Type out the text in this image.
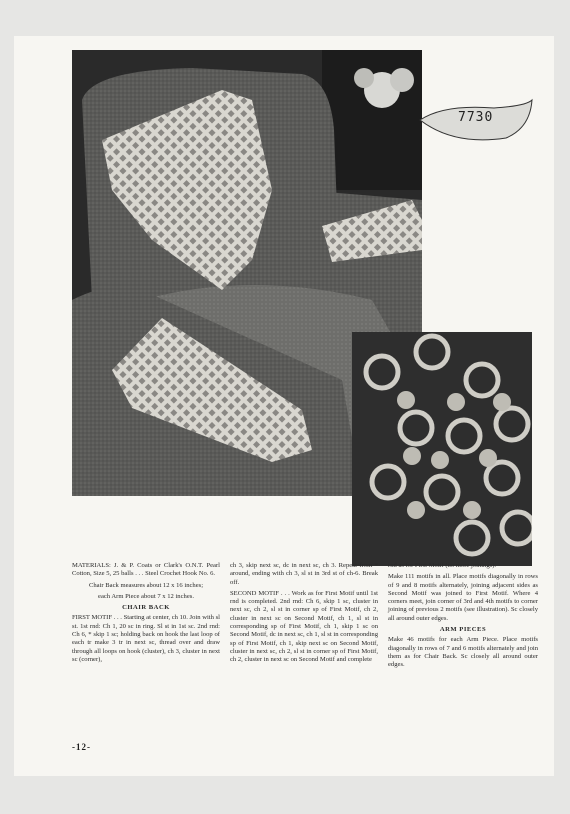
7730

MATERIALS: J. & P. Coats or Clark's O.N.T. Pearl Cotton, Size 5, 25 balls . . . Steel Crochet Hook No. 6.

Chair Back measures about 12 x 16 inches;

each Arm Piece about 7 x 12 inches.

CHAIR BACK

FIRST MOTIF . . . Starting at center, ch 10. Join with sl st. 1st rnd: Ch 1, 20 sc in ring. Sl st in 1st sc. 2nd rnd: Ch 6, * skip 1 sc; holding back on hook the last loop of each tr make 3 tr in next sc, thread over and draw through all loops on hook (cluster), ch 3, cluster in next sc (corner),

ch 3, skip next sc, dc in next sc, ch 3. Repeat from * around, ending with ch 3, sl st in 3rd st of ch-6. Break off.

SECOND MOTIF . . . Work as for First Motif until 1st rnd is completed. 2nd rnd: Ch 6, skip 1 sc, cluster in next sc, ch 2, sl st in corner sp of First Motif, ch 2, cluster in next sc on Second Motif, ch 1, sl st in corresponding sp of First Motif, ch 1, skip 1 sc on Second Motif, dc in next sc, ch 1, sl st in corresponding sp of First Motif, ch 1, skip next sc on Second Motif, cluster in next sc, ch 2, sl st in corner sp of First Motif, ch 2, cluster in next sc on Second Motif and complete

rnd as for First Motif (no more joinings).

Make 111 motifs in all. Place motifs diagonally in rows of 9 and 8 motifs alternately, joining adjacent sides as Second Motif was joined to First Motif. Where 4 corners meet, join corner of 3rd and 4th motifs to corner joining of previous 2 motifs (see illustration). Sc closely all around outer edges.

ARM PIECES

Make 46 motifs for each Arm Piece. Place motifs diagonally in rows of 7 and 6 motifs alternately and join them as for Chair Back. Sc closely all around outer edges.

-12-
